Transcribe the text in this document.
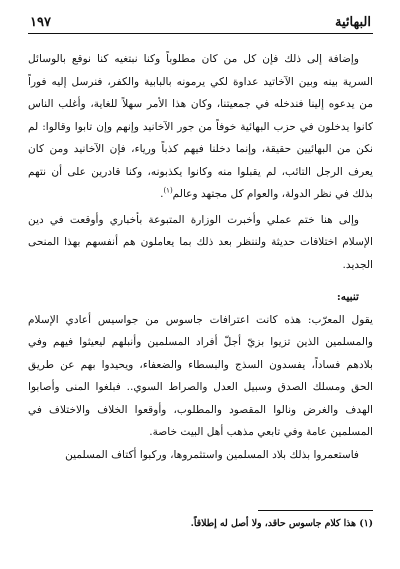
البهائية
١٩٧

وإضافة إلى ذلك فإن كل من كان مطلوباً وكنا نبتغيه كنا نوقع بالوسائل السرية بينه وبين الآخاتيد عداوة لكي يرمونه بالبابية والكفر، فنرسل إليه فوراً من يدعوه إلينا فندخله في جمعيتنا، وكان هذا الأمر سهلاً للغاية، وأغلب الناس كانوا يدخلون في حزب البهائية خوفاً من جور الآخانيد وإنهم وإن تابوا وقالوا: لم نكن من البهائيين حقيقة، وإنما دخلنا فيهم كذباً ورياء، فإن الآخانيد ومن كان يعرف الرجل التائب، لم يقبلوا منه وكانوا يكذبونه، وكنا قادرين على أن نتهم بذلك في نظر الدولة، والعوام كل مجتهد وعالم$^{(١)}$.

وإلى هنا ختم عملي وأخبرت الوزارة المتبوعة بأخباري وأوقعت في دين الإسلام اختلافات حديثة ولننظر بعد ذلك بما يعاملون هم أنفسهم بهذا المنحى الجديد.

تنبيه:

يقول المعرّب: هذه كانت اعترافات جاسوس من جواسيس أعادي الإسلام والمسلمين الذين تزيوا بزيّ أجلّ أفراد المسلمين وأنبلهم ليعيثوا فيهم وفي بلادهم فساداً، يفسدون السذج والبسطاء والضعفاء، ويحيدوا بهم عن طريق الحق ومسلك الصدق وسبيل العدل والصراط السوي.. فبلغوا المنى وأصابوا الهدف والغرض ونالوا المقصود والمطلوب، وأوقعوا الخلاف والاختلاف في المسلمين عامة وفي تابعي مذهب أهل البيت خاصة.

فاستعمروا بذلك بلاد المسلمين واستثمروها، وركبوا أكتاف المسلمين

(١) هذا كلام جاسوس حاقد، ولا أصل له إطلاقاً.
